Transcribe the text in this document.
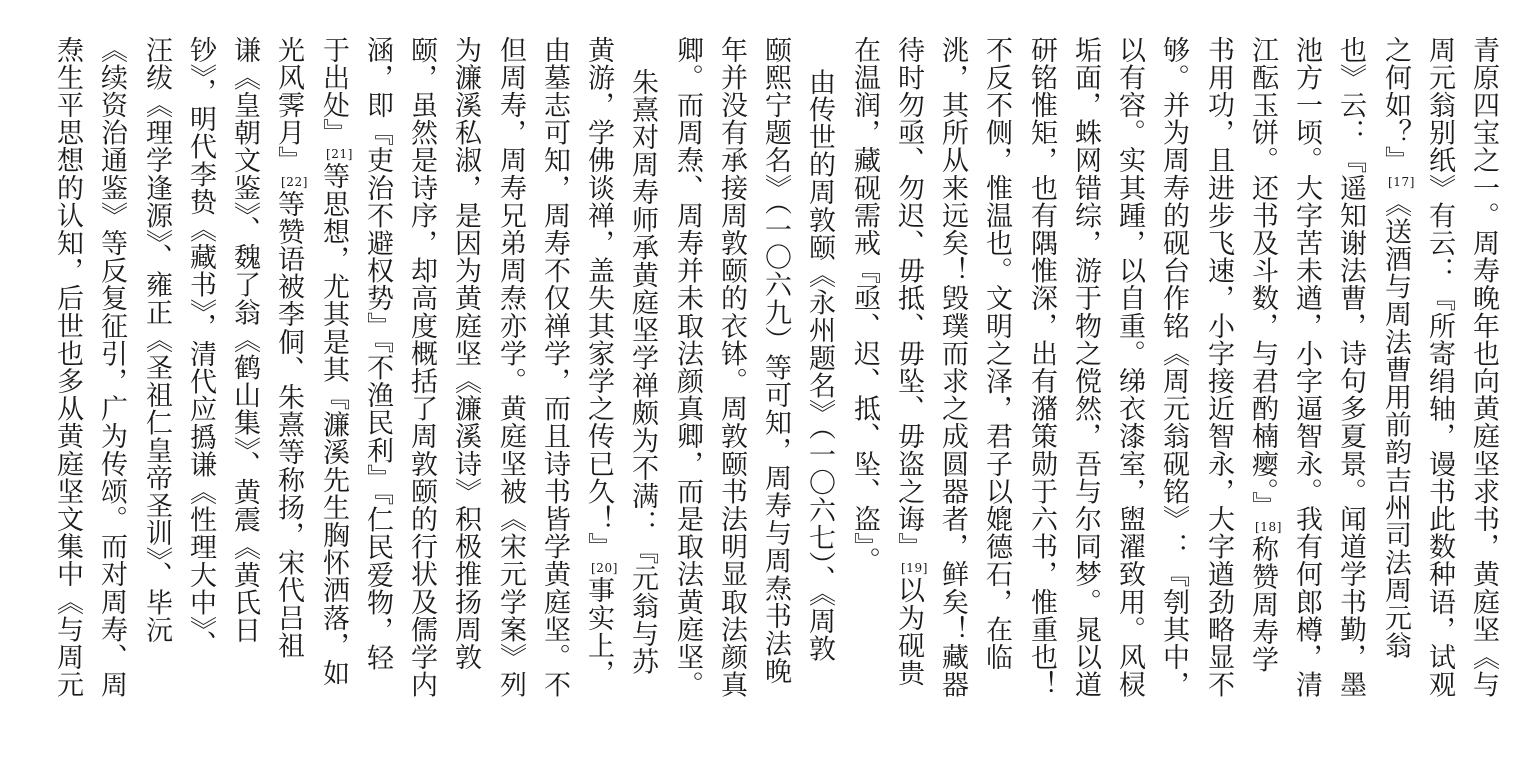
青原四宝之一。周寿晚年也向黄庭坚求书，黄庭坚《与
周元翁别纸》有云：『所寄绢轴，谩书此数种语，试观
之何如？』[17]《送酒与周法曹用前韵吉州司法周元翁
也》云：『遥知谢法曹，诗句多夏景。闻道学书勤，墨
池方一顷。大字苦未遒，小字逼智永。我有何郎樽，清
江酝玉饼。还书及斗数，与君酌楠瘿。』[18]称赞周寿学
书用功，且进步飞速，小字接近智永，大字遒劲略显不
够。并为周寿的砚台作铭《周元翁砚铭》：『刳其中，
以有容。实其踵，以自重。绨衣漆室，盥濯致用。风棂
垢面，蛛网错综，游于物之傥然，吾与尔同梦。晁以道
研铭惟矩，也有隅惟深，出有潴策勋于六书，惟重也！
不反不侧，惟温也。文明之泽，君子以媲德石，在临
洮，其所从来远矣！毁璞而求之成圆器者，鲜矣！藏器
待时勿亟、勿迟、毋抵、毋坠、毋盗之诲』[19]以为砚贵
在温润，藏砚需戒『亟、迟、抵、坠、盗』。
由传世的周敦颐《永州题名》（一〇六七）、《周敦
颐熙宁题名》（一〇六九）等可知，周寿与周焘书法晚
年并没有承接周敦颐的衣钵。周敦颐书法明显取法颜真
卿。而周焘、周寿并未取法颜真卿，而是取法黄庭坚。
朱熹对周寿师承黄庭坚学禅颇为不满：『元翁与苏
黄游，学佛谈禅，盖失其家学之传已久！』[20]事实上，
由墓志可知，周寿不仅禅学，而且诗书皆学黄庭坚。不
但周寿，周寿兄弟周焘亦学。黄庭坚被《宋元学案》列
为濂溪私淑，是因为黄庭坚《濂溪诗》积极推扬周敦
颐，虽然是诗序，却高度概括了周敦颐的行状及儒学内
涵，即『吏治不避权势』『不渔民利』『仁民爱物，轻
于出处』[21]等思想，尤其是其『濂溪先生胸怀洒落，如
光风霁月』[22]等赞语被李侗、朱熹等称扬，宋代吕祖
谦《皇朝文鉴》、魏了翁《鹤山集》、黄震《黄氏日
钞》，明代李贽《藏书》，清代应撝谦《性理大中》、
汪绂《理学逢源》、雍正《圣祖仁皇帝圣训》、毕沅
《续资治通鉴》等反复征引，广为传颂。而对周寿、周
焘生平思想的认知，后世也多从黄庭坚文集中《与周元
